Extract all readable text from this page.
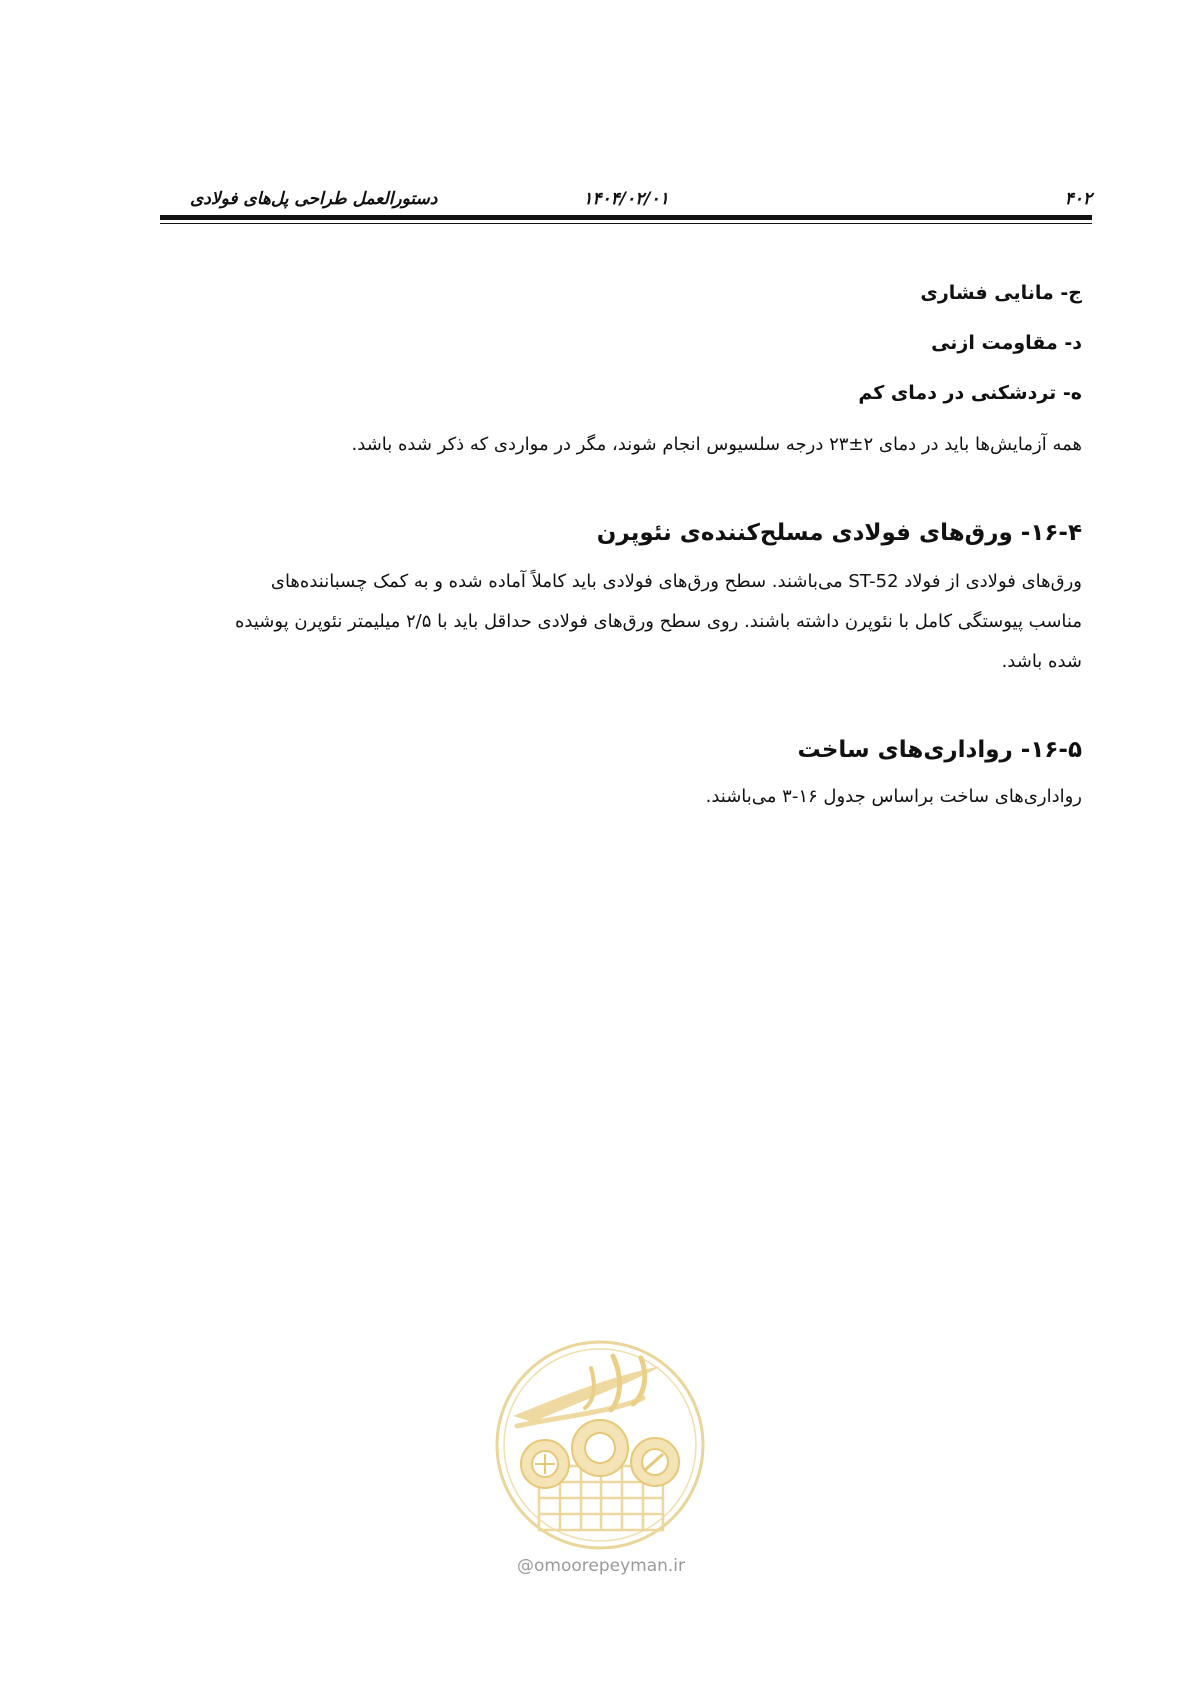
۴۰۲
۱۴۰۴/۰۲/۰۱
دستورالعمل طراحی پل‌های فولادی

ج- مانایی فشاری

د- مقاومت ازنی

ه- تردشکنی در دمای کم

همه آزمایش‌ها باید در دمای ۲±۲۳ درجه سلسیوس انجام شوند، مگر در مواردی که ذکر شده باشد.

۱۶-۴- ورق‌های فولادی مسلح‌کننده‌ی نئوپرن
ورق‌های فولادی از فولاد ST-52 می‌باشند. سطح ورق‌های فولادی باید کاملاً آماده شده و به کمک چسباننده‌های
مناسب پیوستگی کامل با نئوپرن داشته باشند. روی سطح ورق‌های فولادی حداقل باید با ۲/۵ میلیمتر نئوپرن پوشیده
شده باشد.
۱۶-۵- رواداری‌های ساخت

رواداری‌های ساخت براساس جدول ۱۶-۳ می‌باشند.

@omoorepeyman.ir
